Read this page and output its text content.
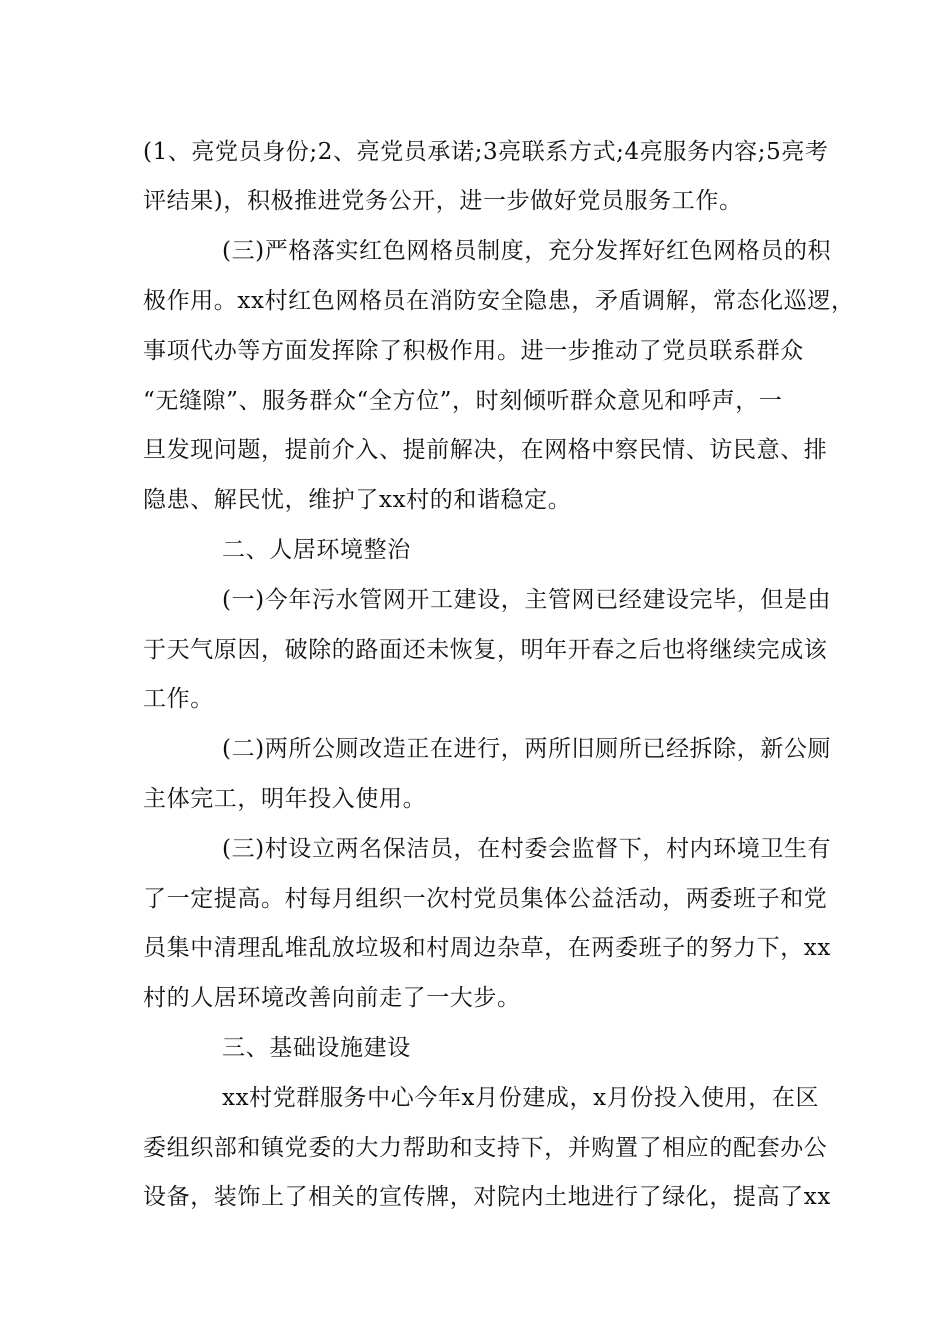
(1、亮党员身份;2、亮党员承诺;3亮联系方式;4亮服务内容;5亮考
评结果)，积极推进党务公开，进一步做好党员服务工作。
(三)严格落实红色网格员制度，充分发挥好红色网格员的积
极作用。xx村红色网格员在消防安全隐患，矛盾调解，常态化巡逻，
事项代办等方面发挥除了积极作用。进一步推动了党员联系群众
“无缝隙”、服务群众“全方位”，时刻倾听群众意见和呼声，一
旦发现问题，提前介入、提前解决，在网格中察民情、访民意、排
隐患、解民忧，维护了xx村的和谐稳定。
二、人居环境整治
(一)今年污水管网开工建设，主管网已经建设完毕，但是由
于天气原因，破除的路面还未恢复，明年开春之后也将继续完成该
工作。
(二)两所公厕改造正在进行，两所旧厕所已经拆除，新公厕
主体完工，明年投入使用。
(三)村设立两名保洁员，在村委会监督下，村内环境卫生有
了一定提高。村每月组织一次村党员集体公益活动，两委班子和党
员集中清理乱堆乱放垃圾和村周边杂草，在两委班子的努力下，xx
村的人居环境改善向前走了一大步。
三、基础设施建设
xx村党群服务中心今年x月份建成，x月份投入使用，在区
委组织部和镇党委的大力帮助和支持下，并购置了相应的配套办公
设备，装饰上了相关的宣传牌，对院内土地进行了绿化，提高了xx
